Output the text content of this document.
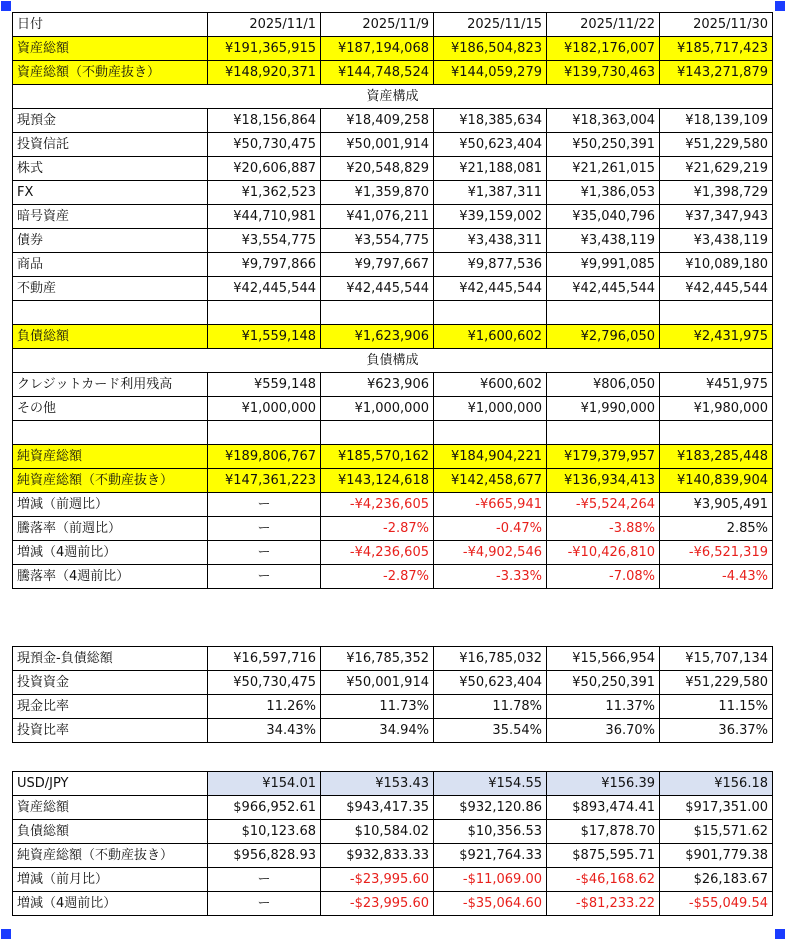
日付	2025/11/1	2025/11/9	2025/11/15	2025/11/22	2025/11/30
資産総額	¥191,365,915	¥187,194,068	¥186,504,823	¥182,176,007	¥185,717,423
資産総額（不動産抜き）	¥148,920,371	¥144,748,524	¥144,059,279	¥139,730,463	¥143,271,879
資産構成					
現預金	¥18,156,864	¥18,409,258	¥18,385,634	¥18,363,004	¥18,139,109
投資信託	¥50,730,475	¥50,001,914	¥50,623,404	¥50,250,391	¥51,229,580
株式	¥20,606,887	¥20,548,829	¥21,188,081	¥21,261,015	¥21,629,219
FX	¥1,362,523	¥1,359,870	¥1,387,311	¥1,386,053	¥1,398,729
暗号資産	¥44,710,981	¥41,076,211	¥39,159,002	¥35,040,796	¥37,347,943
債券	¥3,554,775	¥3,554,775	¥3,438,311	¥3,438,119	¥3,438,119
商品	¥9,797,866	¥9,797,667	¥9,877,536	¥9,991,085	¥10,089,180
不動産	¥42,445,544	¥42,445,544	¥42,445,544	¥42,445,544	¥42,445,544

負債総額	¥1,559,148	¥1,623,906	¥1,600,602	¥2,796,050	¥2,431,975
負債構成					
クレジットカード利用残高	¥559,148	¥623,906	¥600,602	¥806,050	¥451,975
その他	¥1,000,000	¥1,000,000	¥1,000,000	¥1,990,000	¥1,980,000

純資産総額	¥189,806,767	¥185,570,162	¥184,904,221	¥179,379,957	¥183,285,448
純資産総額（不動産抜き）	¥147,361,223	¥143,124,618	¥142,458,677	¥136,934,413	¥140,839,904
増減（前週比）	ー	-¥4,236,605	-¥665,941	-¥5,524,264	¥3,905,491
騰落率（前週比）	ー	-2.87%	-0.47%	-3.88%	2.85%
増減（4週前比）	ー	-¥4,236,605	-¥4,902,546	-¥10,426,810	-¥6,521,319
騰落率（4週前比）	ー	-2.87%	-3.33%	-7.08%	-4.43%
現預金-負債総額	¥16,597,716	¥16,785,352	¥16,785,032	¥15,566,954	¥15,707,134
投資資金	¥50,730,475	¥50,001,914	¥50,623,404	¥50,250,391	¥51,229,580
現金比率	11.26%	11.73%	11.78%	11.37%	11.15%
投資比率	34.43%	34.94%	35.54%	36.70%	36.37%
USD/JPY	¥154.01	¥153.43	¥154.55	¥156.39	¥156.18
資産総額	$966,952.61	$943,417.35	$932,120.86	$893,474.41	$917,351.00
負債総額	$10,123.68	$10,584.02	$10,356.53	$17,878.70	$15,571.62
純資産総額（不動産抜き）	$956,828.93	$932,833.33	$921,764.33	$875,595.71	$901,779.38
増減（前月比）	ー	-$23,995.60	-$11,069.00	-$46,168.62	$26,183.67
増減（4週前比）	ー	-$23,995.60	-$35,064.60	-$81,233.22	-$55,049.54
